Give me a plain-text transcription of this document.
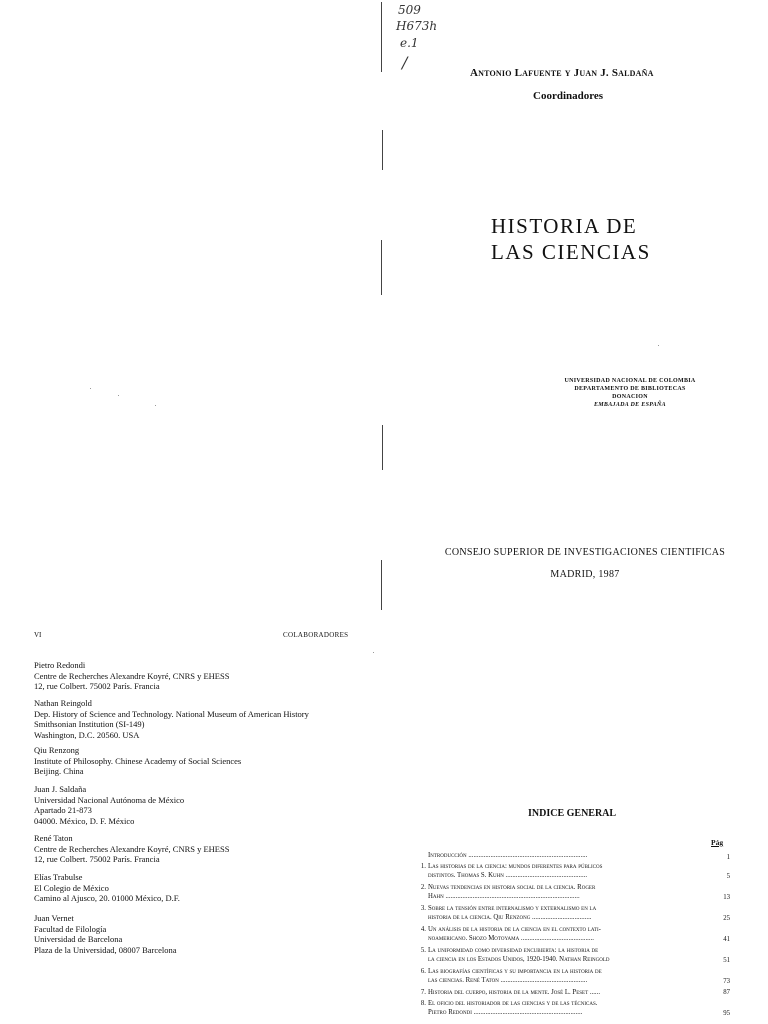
509
H673h
e.1
/
Antonio Lafuente y Juan J. Saldaña
Coordinadores
HISTORIA DE
LAS CIENCIAS
UNIVERSIDAD NACIONAL DE COLOMBIA
DEPARTAMENTO DE BIBLIOTECAS
DONACION
EMBAJADA DE ESPAÑA
CONSEJO SUPERIOR DE INVESTIGACIONES CIENTIFICAS
MADRID, 1987
VI	COLABORADORES
Pietro Redondi
Centre de Recherches Alexandre Koyré, CNRS y EHESS
12, rue Colbert. 75002 París. Francia
Nathan Reingold
Dep. History of Science and Technology. National Museum of American History
Smithsonian Institution (SI-149)
Washington, D.C. 20560. USA
Qiu Renzong
Institute of Philosophy. Chinese Academy of Social Sciences
Beijing. China
Juan J. Saldaña
Universidad Nacional Autónoma de México
Apartado 21-873
04000. México, D. F. México
René Taton
Centre de Recherches Alexandre Koyré, CNRS y EHESS
12, rue Colbert. 75002 París. Francia
Elías Trabulse
El Colegio de México
Camino al Ajusco, 20. 01000 México, D.F.
Juan Vernet
Facultad de Filología
Universidad de Barcelona
Plaza de la Universidad, 08007 Barcelona
INDICE GENERAL
Pág
Introducción ......................................................................	1
1. Las historias de la ciencia: mundos diferentes para públicos
distintos. Thomas S. Kuhn ................................................	5
2. Nuevas tendencias en historia social de la ciencia. Roger
Hahn ...............................................................................	13
3. Sobre la tensión entre internalismo y externalismo en la
historia de la ciencia. Qiu Renzong ...................................	25
4. Un análisis de la historia de la ciencia en el contexto lati-
noamericano. Shozo Motoyama ...........................................	41
5. La uniformidad como diversidad encubierta: la historia de
la ciencia en los Estados Unidos, 1920-1940. Nathan Reingold	51
6. Las biografías científicas y su importancia en la historia de
las ciencias. René Taton ...................................................	73
7. Historia del cuerpo, historia de la mente. José L. Peset ......	87
8. El oficio del historiador de las ciencias y de las técnicas.
Pietro Redondi ................................................................	95
